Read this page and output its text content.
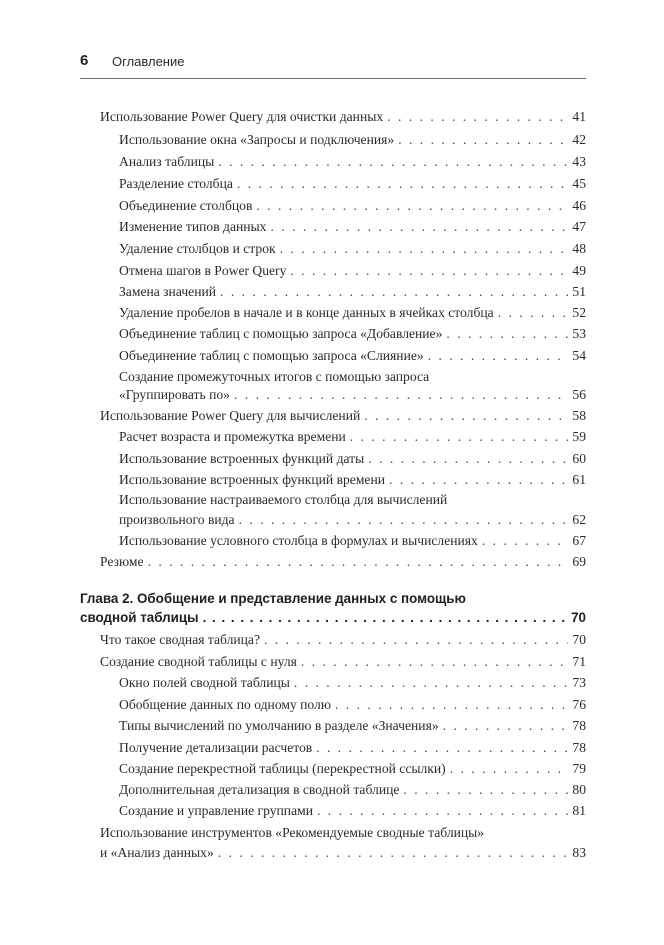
6 Оглавление
Использование Power Query для очистки данных . . .	41
Использование окна «Запросы и подключения» . . .	42
Анализ таблицы . . .	43
Разделение столбца . . .	45
Объединение столбцов . . .	46
Изменение типов данных . . .	47
Удаление столбцов и строк . . .	48
Отмена шагов в Power Query . . .	49
Замена значений . . .	51
Удаление пробелов в начале и в конце данных в ячейках столбца . . .	52
Объединение таблиц с помощью запроса «Добавление» . . .	53
Объединение таблиц с помощью запроса «Слияние» . . .	54
Создание промежуточных итогов с помощью запроса
«Группировать по» . . .	56
Использование Power Query для вычислений . . .	58
Расчет возраста и промежутка времени . . .	59
Использование встроенных функций даты . . .	60
Использование встроенных функций времени . . .	61
Использование настраиваемого столбца для вычислений
произвольного вида . . .	62
Использование условного столбца в формулах и вычислениях . . .	67
Резюме . . .	69
Глава 2. Обобщение и представление данных с помощью
сводной таблицы . . .	70
Что такое сводная таблица? . . .	70
Создание сводной таблицы с нуля . . .	71
Окно полей сводной таблицы . . .	73
Обобщение данных по одному полю . . .	76
Типы вычислений по умолчанию в разделе «Значения» . . .	78
Получение детализации расчетов . . .	78
Создание перекрестной таблицы (перекрестной ссылки) . . .	79
Дополнительная детализация в сводной таблице . . .	80
Создание и управление группами . . .	81
Использование инструментов «Рекомендуемые сводные таблицы»
и «Анализ данных» . . .	83
